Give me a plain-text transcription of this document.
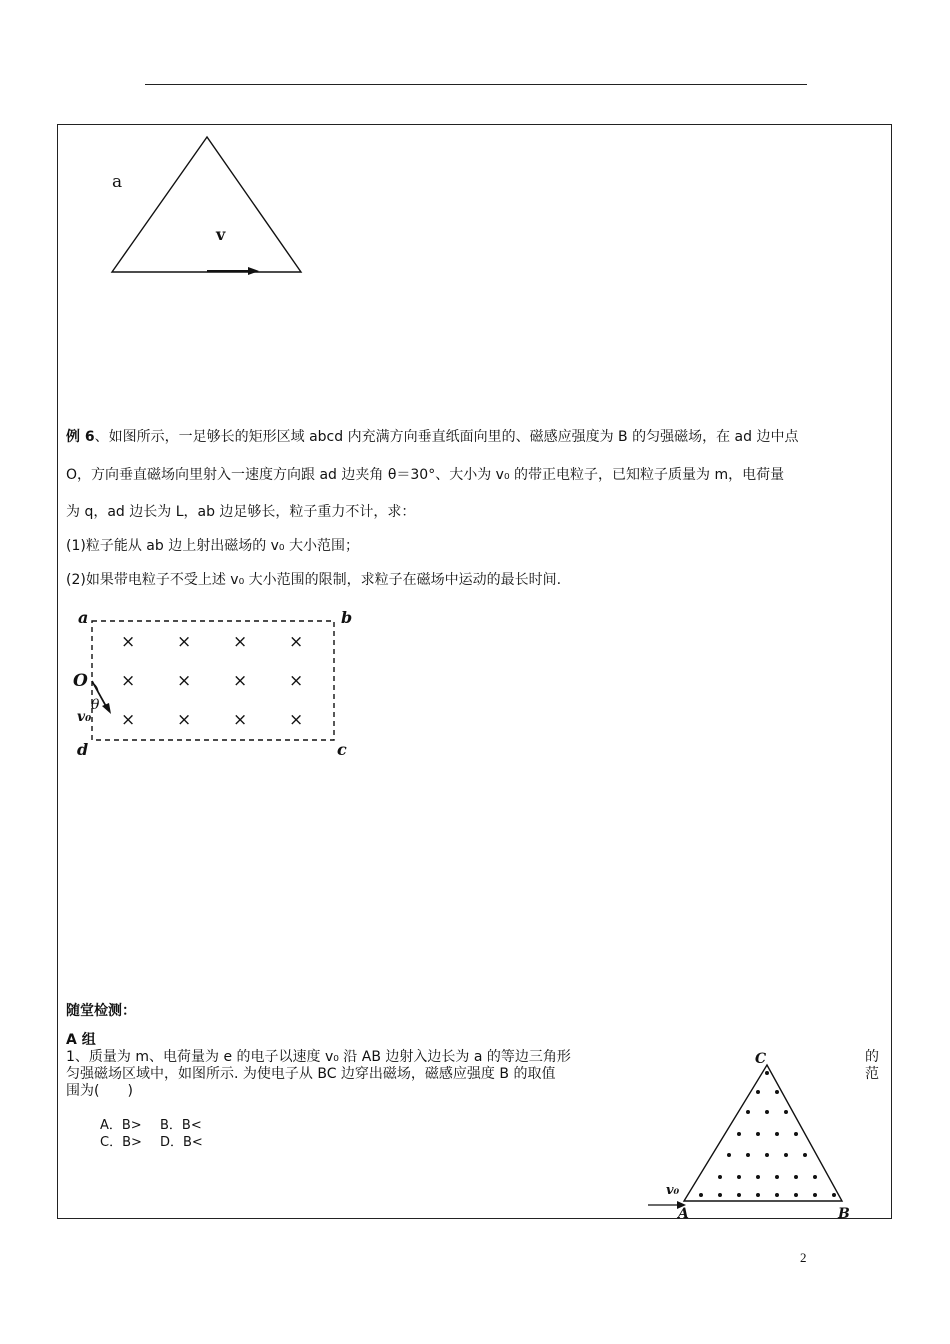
a
v
例 6、如图所示，一足够长的矩形区域 abcd 内充满方向垂直纸面向里的、磁感应强度为 B 的匀强磁场，在 ad 边中点
O，方向垂直磁场向里射入一速度方向跟 ad 边夹角 θ＝30°、大小为 v₀ 的带正电粒子，已知粒子质量为 m，电荷量
为 q，ad 边长为 L，ab 边足够长，粒子重力不计，求：
(1)粒子能从 ab 边上射出磁场的 v₀ 大小范围；
(2)如果带电粒子不受上述 v₀ 大小范围的限制，求粒子在磁场中运动的最长时间.
a	b
c
d
O
θ
v₀
× × × ×
× × × ×
× × × ×
随堂检测：
A 组
1、质量为 m、电荷量为 e 的电子以速度 v₀ 沿 AB 边射入边长为 a 的等边三角形	的
匀强磁场区域中，如图所示. 为使电子从 BC 边穿出磁场，磁感应强度 B 的取值	范
围为(　　)
A．B> B．B<
C．B> D．B<
C
A	B
v₀
2
